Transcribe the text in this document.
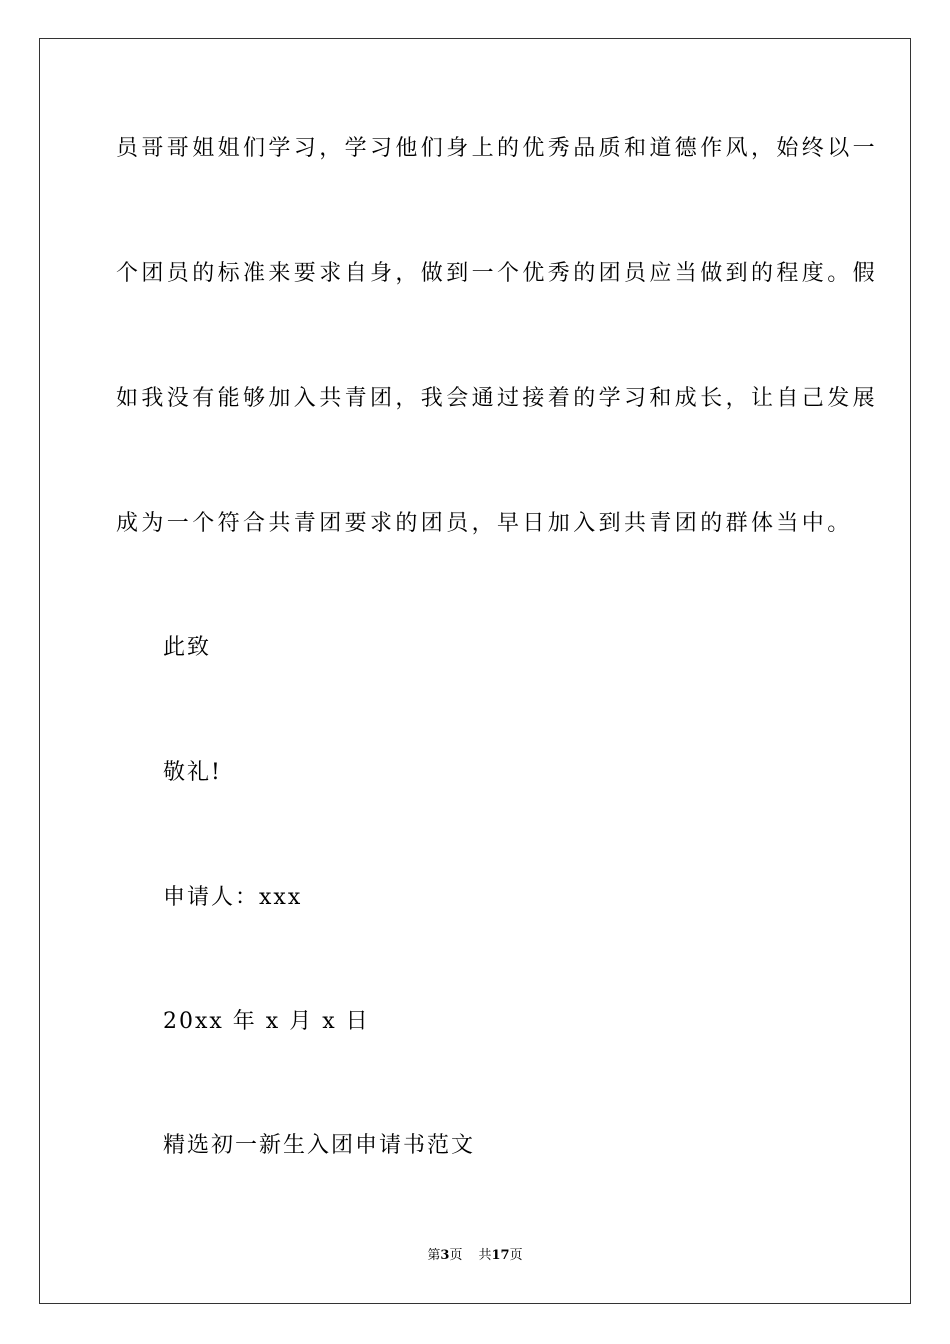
员哥哥姐姐们学习，学习他们身上的优秀品质和道德作风，始终以一
个团员的标准来要求自身，做到一个优秀的团员应当做到的程度。假
如我没有能够加入共青团，我会通过接着的学习和成长，让自己发展
成为一个符合共青团要求的团员，早日加入到共青团的群体当中。
此致
敬礼!
申请人：xxx
20xx 年 x 月 x 日
精选初一新生入团申请书范文
第3页 共17页
